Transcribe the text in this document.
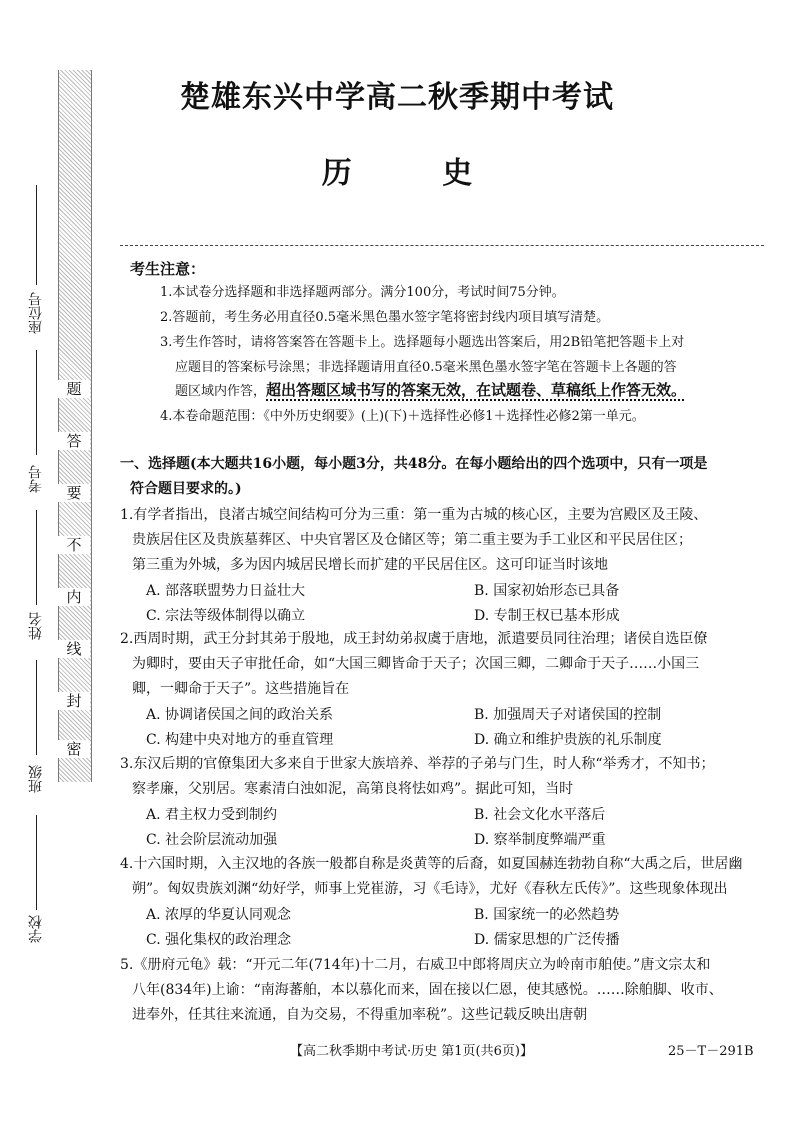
题
答
要
不
内
线
封
密
座位号
考号
姓名
班级
学校
楚雄东兴中学高二秋季期中考试
历 史
考生注意：
1.本试卷分选择题和非选择题两部分。满分100分，考试时间75分钟。
2.答题前，考生务必用直径0.5毫米黑色墨水签字笔将密封线内项目填写清楚。
3.考生作答时，请将答案答在答题卡上。选择题每小题选出答案后，用2B铅笔把答题卡上对
应题目的答案标号涂黑；非选择题请用直径0.5毫米黑色墨水签字笔在答题卡上各题的答
题区域内作答，超出答题区域书写的答案无效，在试题卷、草稿纸上作答无效。
4.本卷命题范围：《中外历史纲要》(上)(下)＋选择性必修1＋选择性必修2第一单元。
一、选择题(本大题共16小题，每小题3分，共48分。在每小题给出的四个选项中，只有一项是
符合题目要求的。)
1.有学者指出，良渚古城空间结构可分为三重：第一重为古城的核心区，主要为宫殿区及王陵、
贵族居住区及贵族墓葬区、中央官署区及仓储区等；第二重主要为手工业区和平民居住区；
第三重为外城，多为因内城居民增长而扩建的平民居住区。这可印证当时该地
A. 部落联盟势力日益壮大	B. 国家初始形态已具备
C. 宗法等级体制得以确立	D. 专制王权已基本形成
2.西周时期，武王分封其弟于殷地，成王封幼弟叔虞于唐地，派遣要员同往治理；诸侯自选臣僚
为卿时，要由天子审批任命，如“大国三卿皆命于天子；次国三卿，二卿命于天子……小国三
卿，一卿命于天子”。这些措施旨在
A. 协调诸侯国之间的政治关系	B. 加强周天子对诸侯国的控制
C. 构建中央对地方的垂直管理	D. 确立和维护贵族的礼乐制度
3.东汉后期的官僚集团大多来自于世家大族培养、举荐的子弟与门生，时人称“举秀才，不知书；
察孝廉，父别居。寒素清白浊如泥，高第良将怯如鸡”。据此可知，当时
A. 君主权力受到制约	B. 社会文化水平落后
C. 社会阶层流动加强	D. 察举制度弊端严重
4.十六国时期，入主汉地的各族一般都自称是炎黄等的后裔，如夏国赫连勃勃自称“大禹之后，世居幽
朔”。匈奴贵族刘渊“幼好学，师事上党崔游，习《毛诗》，尤好《春秋左氏传》”。这些现象体现出
A. 浓厚的华夏认同观念	B. 国家统一的必然趋势
C. 强化集权的政治理念	D. 儒家思想的广泛传播
5.《册府元龟》载：“开元二年(714年)十二月，右威卫中郎将周庆立为岭南市舶使。”唐文宗太和
八年(834年)上谕：“南海蕃舶，本以慕化而来，固在接以仁恩，使其感悦。……除舶脚、收市、
进奉外，任其往来流通，自为交易，不得重加率税”。这些记载反映出唐朝
【高二秋季期中考试·历史 第1页(共6页)】	25－T－291B
